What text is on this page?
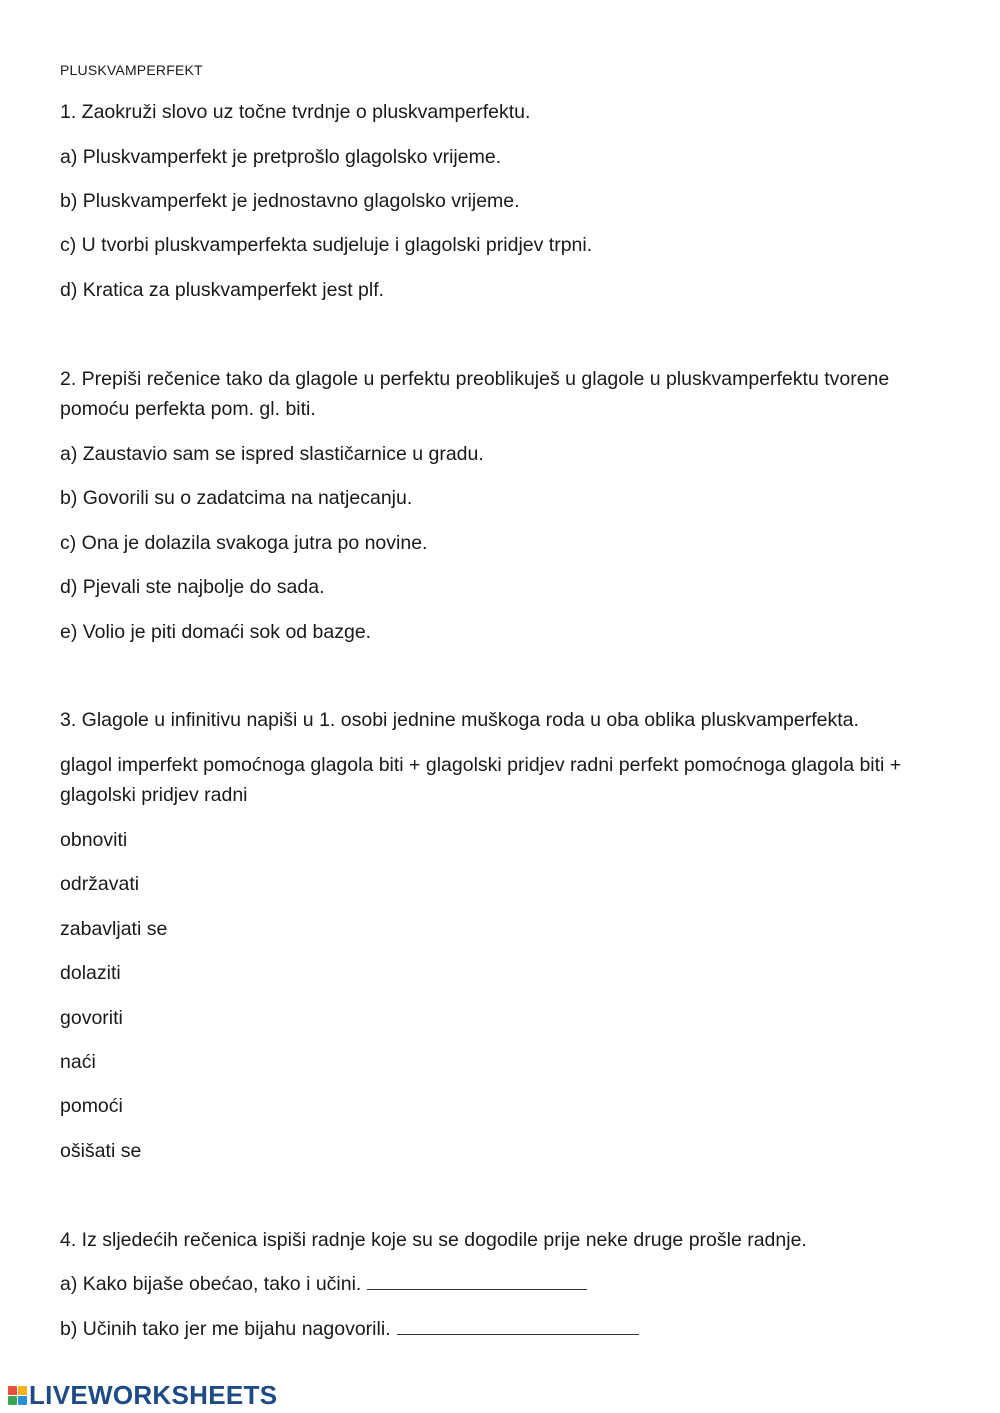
PLUSKVAMPERFEKT
1. Zaokruži slovo uz točne tvrdnje o pluskvamperfektu.
a) Pluskvamperfekt je pretprošlo glagolsko vrijeme.
b) Pluskvamperfekt je jednostavno glagolsko vrijeme.
c) U tvorbi pluskvamperfekta sudjeluje i glagolski pridjev trpni.
d) Kratica za pluskvamperfekt jest plf.
2. Prepiši rečenice tako da glagole u perfektu preoblikuješ u glagole u pluskvamperfektu tvorene pomoću perfekta pom. gl. biti.
a) Zaustavio sam se ispred slastičarnice u gradu.
b) Govorili su o zadatcima na natjecanju.
c) Ona je dolazila svakoga jutra po novine.
d) Pjevali ste najbolje do sada.
e) Volio je piti domaći sok od bazge.
3. Glagole u infinitivu napiši u 1. osobi jednine muškoga roda u oba oblika pluskvamperfekta.
glagol imperfekt pomoćnoga glagola biti + glagolski pridjev radni perfekt pomoćnoga glagola biti + glagolski pridjev radni
obnoviti
održavati
zabavljati se
dolaziti
govoriti
naći
pomoći
ošišati se
4. Iz sljedećih rečenica ispiši radnje koje su se dogodile prije neke druge prošle radnje.
a) Kako bijaše obećao, tako i učini.
b) Učinih tako jer me bijahu nagovorili.
LIVEWORKSHEETS
